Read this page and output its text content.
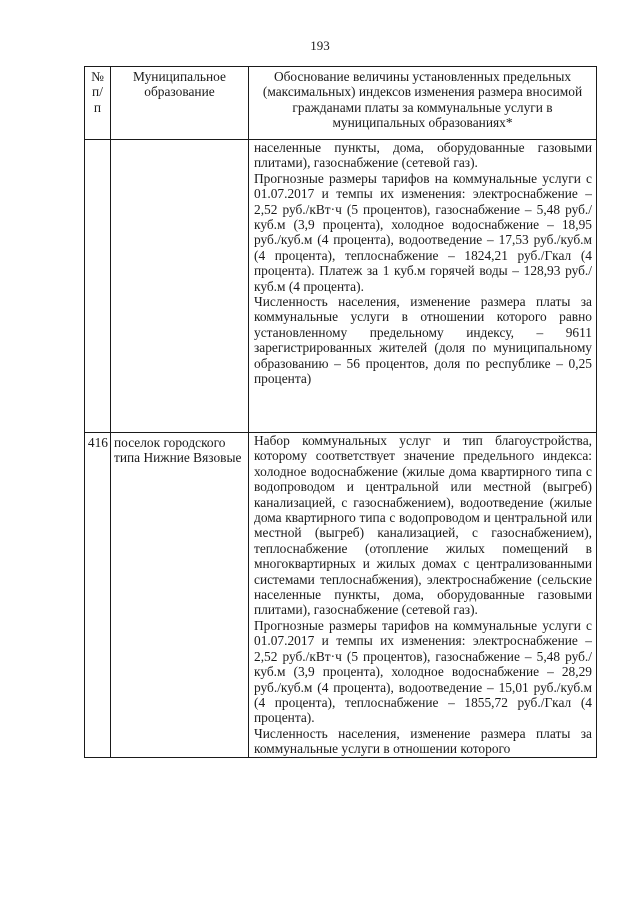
193
№ п/п	Муниципальное образование	Обоснование величины установленных предельных (максимальных) индексов изменения размера вносимой гражданами платы за коммунальные услуги в муниципальных образованиях*

		населенные пункты, дома, оборудованные газовыми плитами), газоснабжение (сетевой газ).

Прогнозные размеры тарифов на коммунальные услуги с 01.07.2017 и темпы их изменения: электроснабжение – 2,52 руб./кВт·ч (5 процентов), газоснабжение – 5,48 руб./куб.м (3,9 процента), холодное водоснабжение – 18,95 руб./куб.м (4 процента), водоотведение – 17,53 руб./куб.м (4 процента), теплоснабжение – 1824,21 руб./Гкал (4 процента). Платеж за 1 куб.м горячей воды – 128,93 руб./куб.м (4 процента).

Численность населения, изменение размера платы за коммунальные услуги в отношении которого равно установленному предельному индексу, – 9611 зарегистрированных жителей (доля по муниципальному образованию – 56 процентов, доля по республике – 0,25 процента)

416	поселок городского типа Нижние Вязовые	Набор коммунальных услуг и тип благоустройства, которому соответствует значение предельного индекса: холодное водоснабжение (жилые дома квартирного типа с водопроводом и центральной или местной (выгреб) канализацией, с газоснабжением), водоотведение (жилые дома квартирного типа с водопроводом и центральной или местной (выгреб) канализацией, с газоснабжением), теплоснабжение (отопление жилых помещений в многоквартирных и жилых домах с централизованными системами теплоснабжения), электроснабжение (сельские населенные пункты, дома, оборудованные газовыми плитами), газоснабжение (сетевой газ).

Прогнозные размеры тарифов на коммунальные услуги с 01.07.2017 и темпы их изменения: электроснабжение – 2,52 руб./кВт·ч (5 процентов), газоснабжение – 5,48 руб./куб.м (3,9 процента), холодное водоснабжение – 28,29 руб./куб.м (4 процента), водоотведение – 15,01 руб./куб.м (4 процента), теплоснабжение – 1855,72 руб./Гкал (4 процента).

Численность населения, изменение размера платы за коммунальные услуги в отношении которого
